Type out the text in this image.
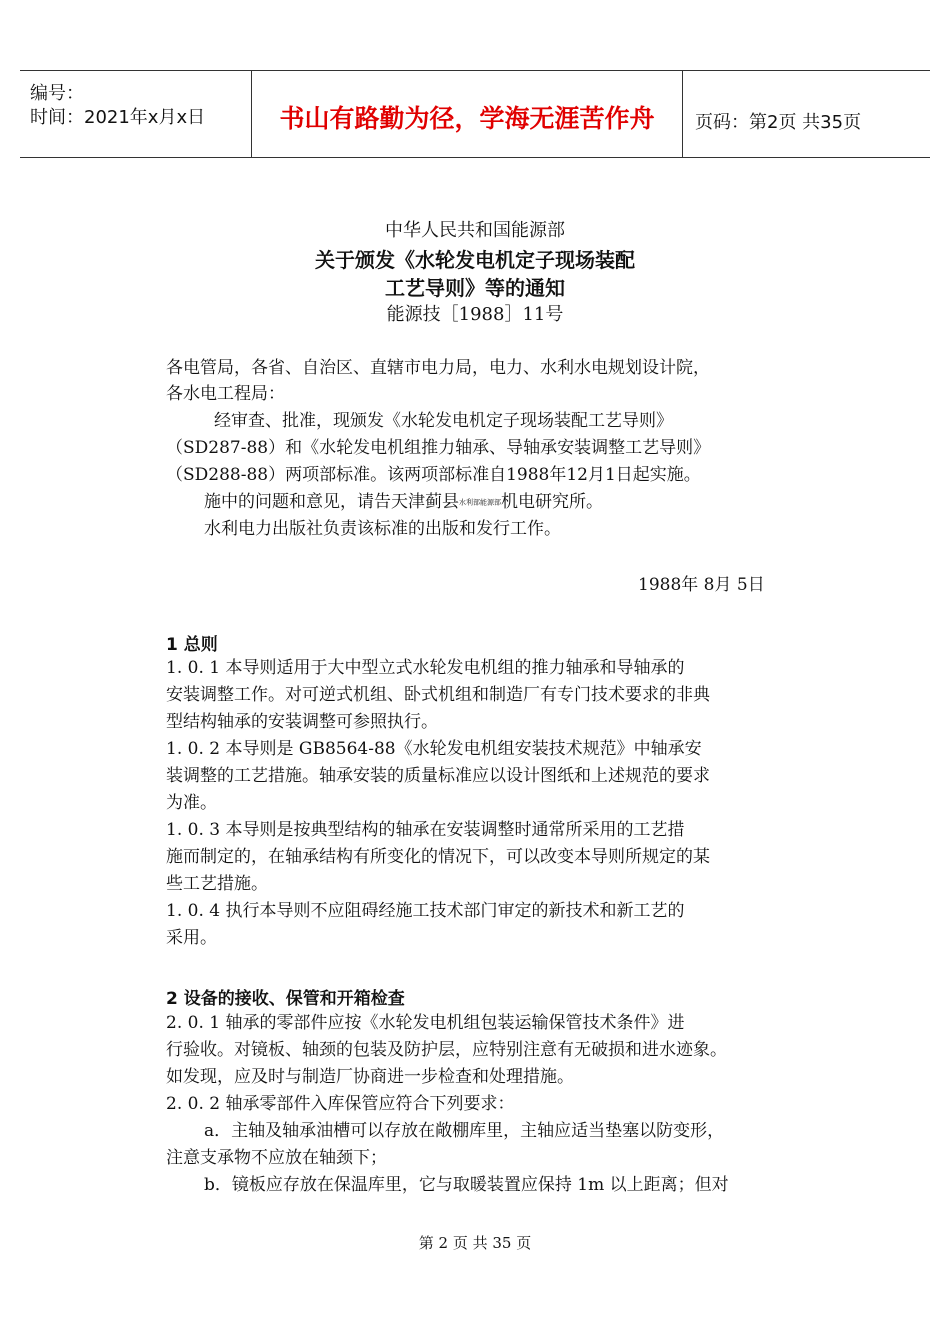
编号：
时间：2021年x月x日	书山有路勤为径，学海无涯苦作舟	页码：第2页 共35页
中华人民共和国能源部
关于颁发《水轮发电机定子现场装配
工艺导则》等的通知
能源技［1988］11号
各电管局，各省、自治区、直辖市电力局，电力、水利水电规划设计院，
各水电工程局：
经审查、批准，现颁发《水轮发电机定子现场装配工艺导则》
（SD287-88）和《水轮发电机组推力轴承、导轴承安装调整工艺导则》
（SD288-88）两项部标准。该两项部标准自1988年12月1日起实施。
施中的问题和意见，请告天津蓟县水利部能源部机电研究所。
水利电力出版社负责该标准的出版和发行工作。
1988年 8月 5日
1 总则
1. 0. 1 本导则适用于大中型立式水轮发电机组的推力轴承和导轴承的
安装调整工作。对可逆式机组、卧式机组和制造厂有专门技术要求的非典
型结构轴承的安装调整可参照执行。
1. 0. 2 本导则是 GB8564-88《水轮发电机组安装技术规范》中轴承安
装调整的工艺措施。轴承安装的质量标准应以设计图纸和上述规范的要求
为准。
1. 0. 3 本导则是按典型结构的轴承在安装调整时通常所采用的工艺措
施而制定的，在轴承结构有所变化的情况下，可以改变本导则所规定的某
些工艺措施。
1. 0. 4 执行本导则不应阻碍经施工技术部门审定的新技术和新工艺的
采用。
2 设备的接收、保管和开箱检查
2. 0. 1 轴承的零部件应按《水轮发电机组包装运输保管技术条件》进
行验收。对镜板、轴颈的包装及防护层，应特别注意有无破损和进水迹象。
如发现，应及时与制造厂协商进一步检查和处理措施。
2. 0. 2 轴承零部件入库保管应符合下列要求：
a．主轴及轴承油槽可以存放在敞棚库里，主轴应适当垫塞以防变形，
注意支承物不应放在轴颈下；
b．镜板应存放在保温库里，它与取暖装置应保持 1m 以上距离；但对
第 2 页 共 35 页
